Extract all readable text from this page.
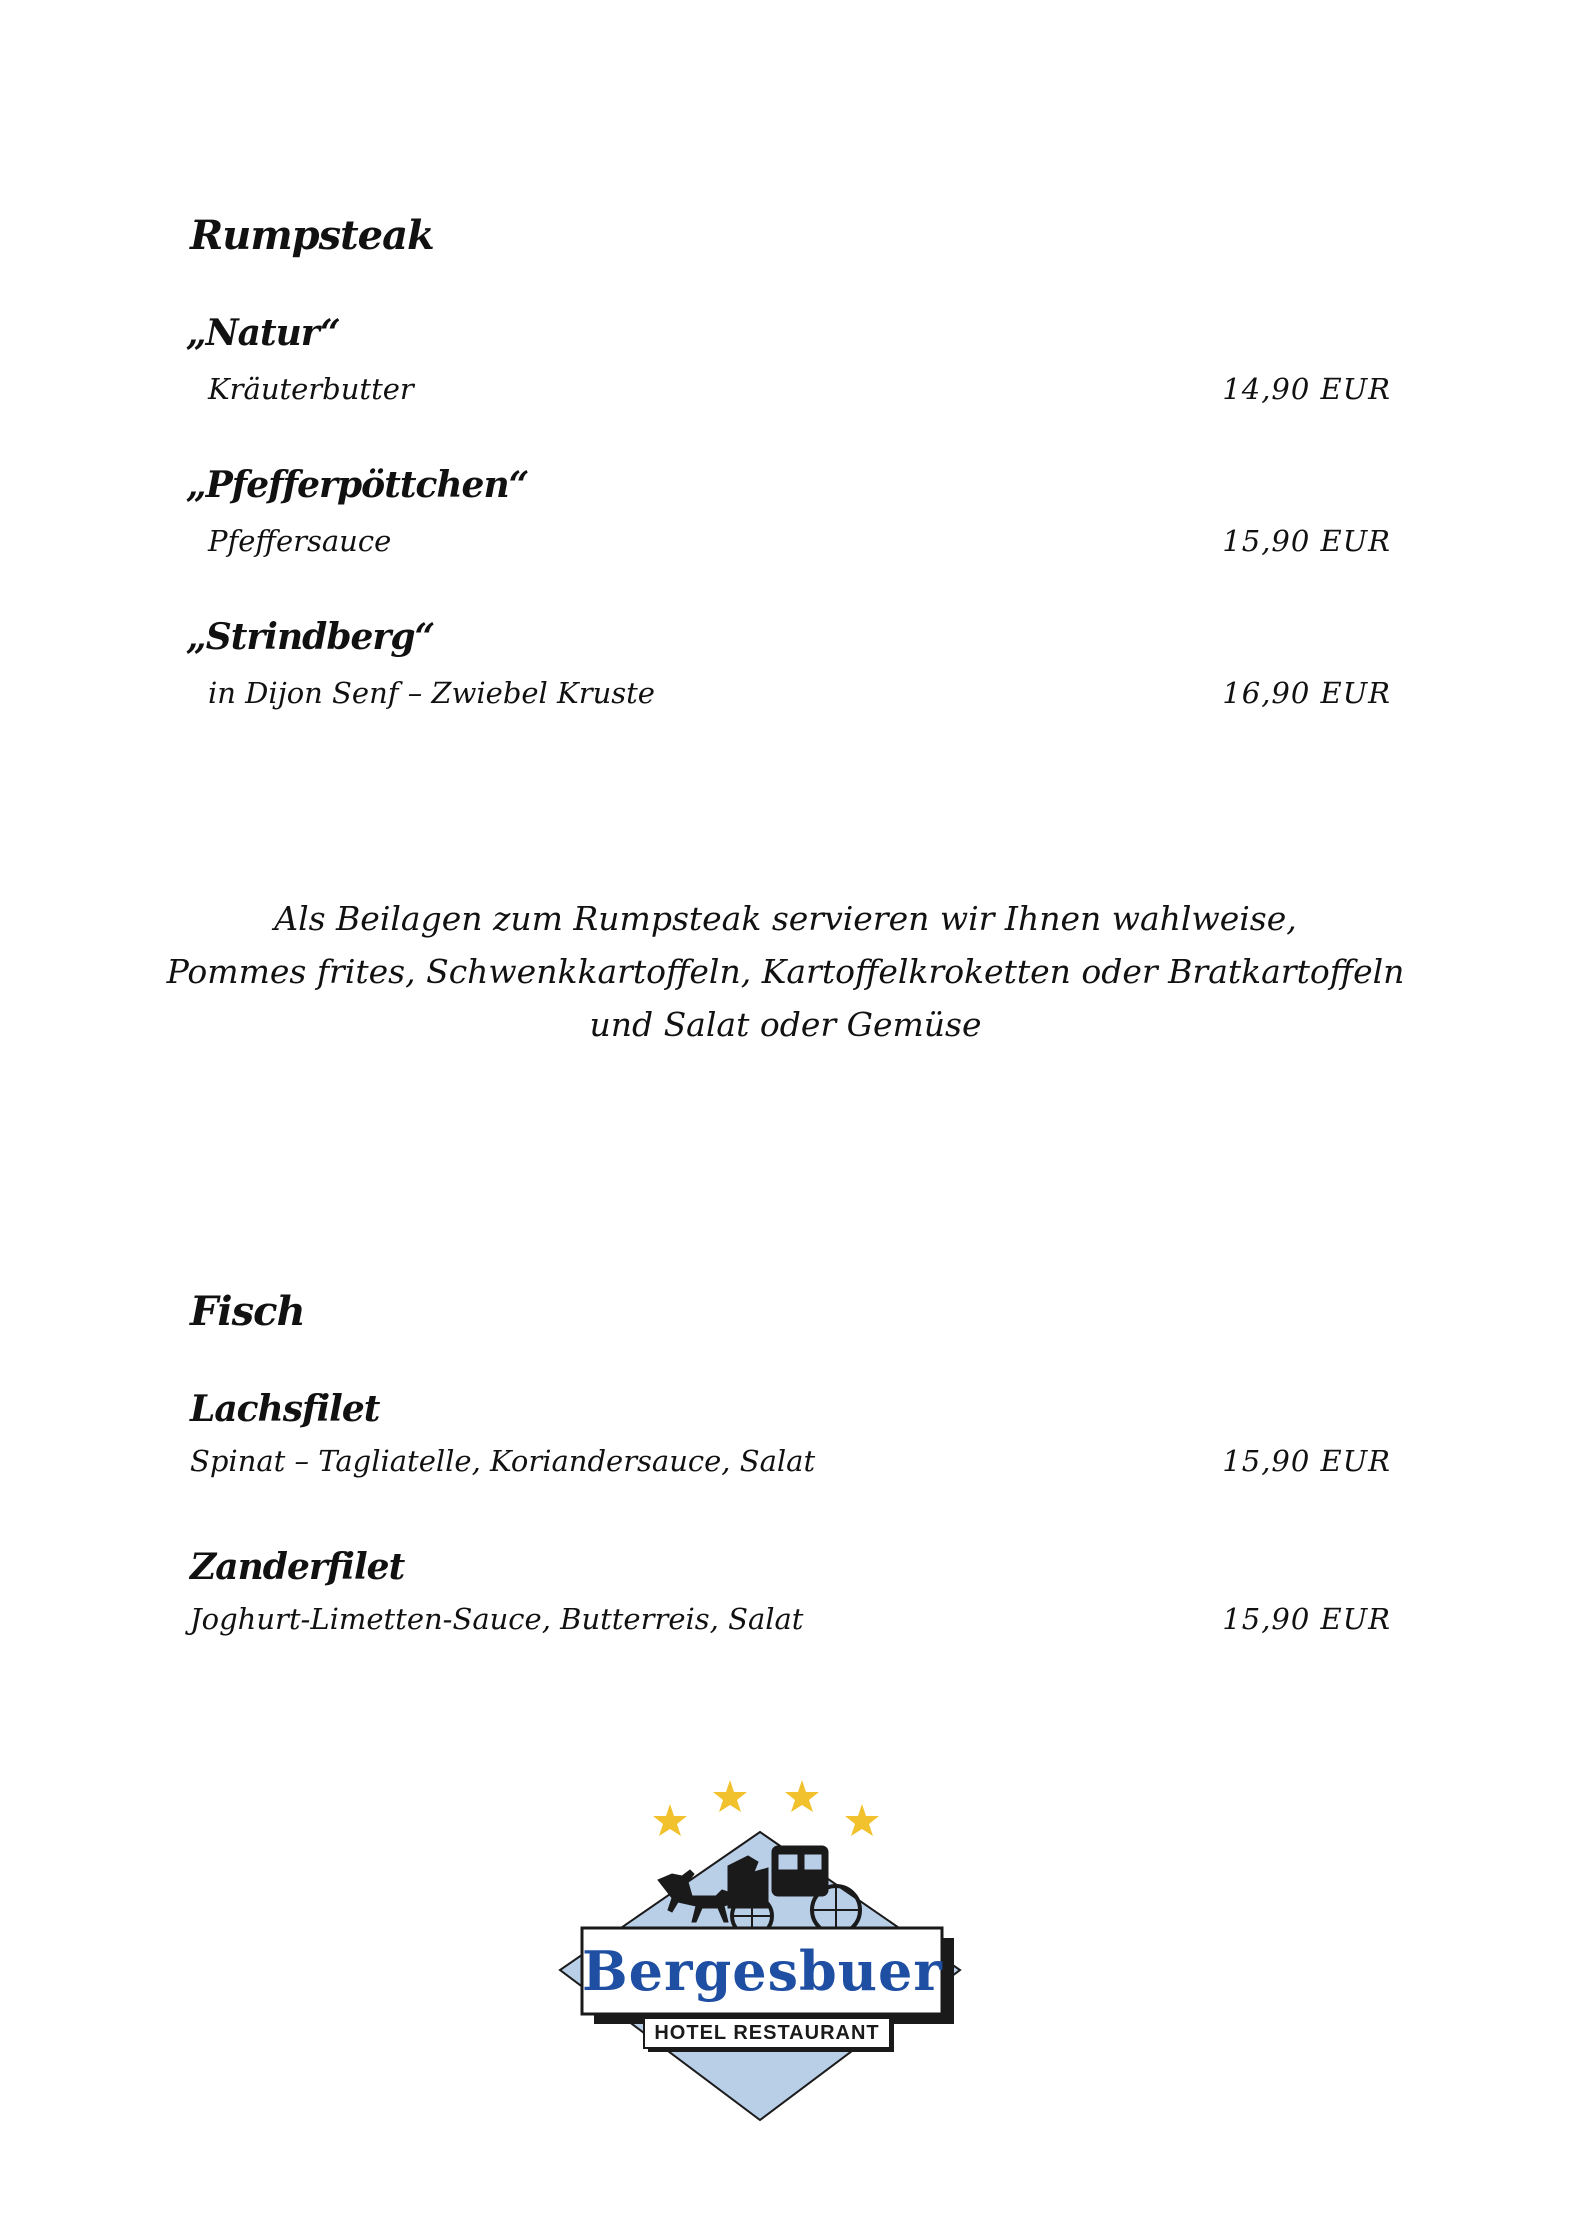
Rumpsteak
„Natur“
Kräuterbutter	14,90 EUR
„Pfefferpöttchen“
Pfeffersauce	15,90 EUR
„Strindberg“
in Dijon Senf – Zwiebel Kruste	16,90 EUR
Als Beilagen zum Rumpsteak servieren wir Ihnen wahlweise,
Pommes frites, Schwenkkartoffeln, Kartoffelkroketten oder Bratkartoffeln
und Salat oder Gemüse
Fisch
Lachsfilet
Spinat – Tagliatelle, Koriandersauce, Salat	15,90 EUR
Zanderfilet
Joghurt-Limetten-Sauce, Butterreis, Salat	15,90 EUR
Bergesbuer
HOTEL RESTAURANT
